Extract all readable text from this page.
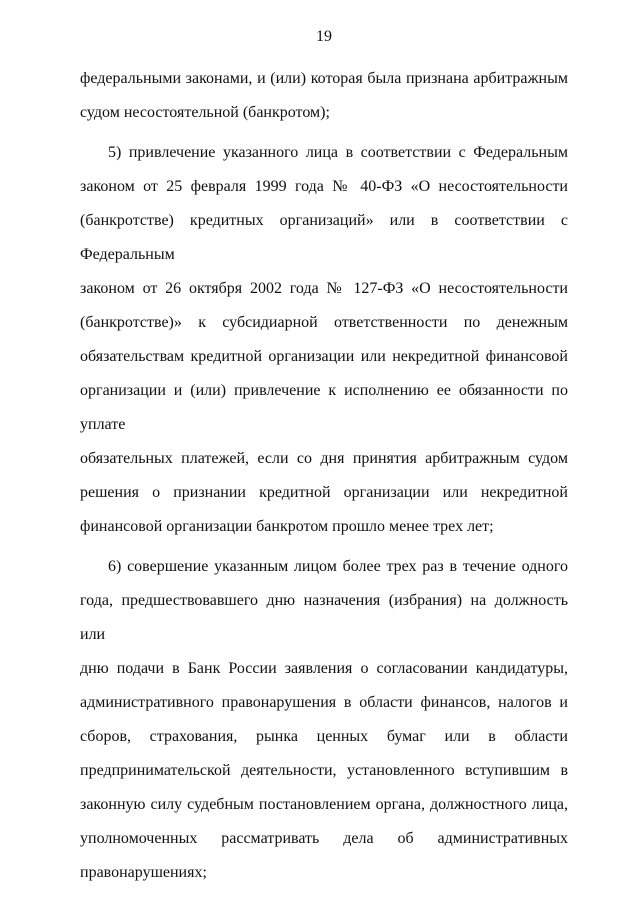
19

федеральными законами, и (или) которая была признана арбитражным
судом несостоятельной (банкротом);

5) привлечение указанного лица в соответствии с Федеральным
законом от 25 февраля 1999 года № 40-ФЗ «О несостоятельности
(банкротстве) кредитных организаций» или в соответствии с Федеральным
законом от 26 октября 2002 года № 127-ФЗ «О несостоятельности
(банкротстве)» к субсидиарной ответственности по денежным
обязательствам кредитной организации или некредитной финансовой
организации и (или) привлечение к исполнению ее обязанности по уплате
обязательных платежей, если со дня принятия арбитражным судом
решения о признании кредитной организации или некредитной
финансовой организации банкротом прошло менее трех лет;

6) совершение указанным лицом более трех раз в течение одного
года, предшествовавшего дню назначения (избрания) на должность или
дню подачи в Банк России заявления о согласовании кандидатуры,
административного правонарушения в области финансов, налогов и
сборов, страхования, рынка ценных бумаг или в области
предпринимательской деятельности, установленного вступившим в
законную силу судебным постановлением органа, должностного лица,
уполномоченных рассматривать дела об административных
правонарушениях;
